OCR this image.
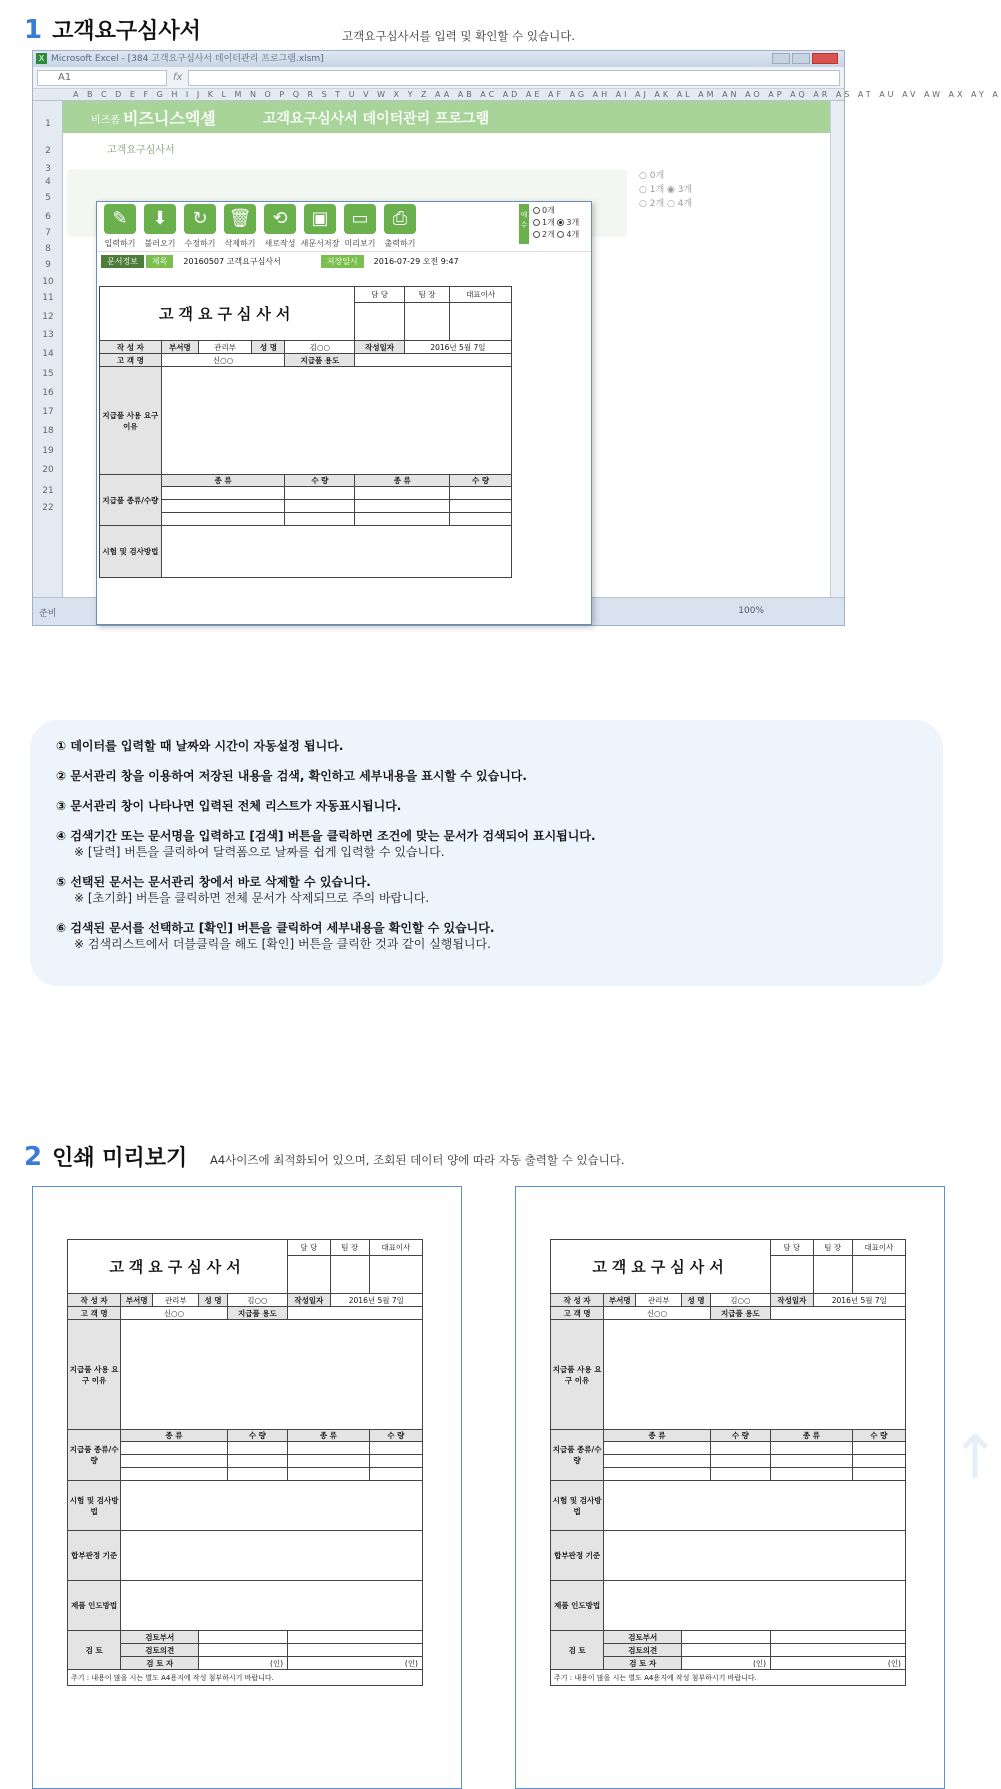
1 고객요구심사서	고객요구심사서를 입력 및 확인할 수 있습니다.
X Microsoft Excel - [384 고객요구심사서 데이터관리 프로그램.xlsm]
A1	fx
A B C D E F G H I J K L M N O P Q R S T U V W X Y Z AA AB AC AD AE AF AG AH AI AJ AK AL AM AN AO AP AQ AR AS AT AU AV AW AX AY A
1
2
3
4
5
6
7
8
9
10
11
12
13
14
15
16
17
18
19
20
21
22
비즈폼 비즈니스엑셀	고객요구심사서 데이터관리 프로그램
고객요구심사서
○ 0개
○ 1개 ◉ 3개
○ 2개 ○ 4개
준비	100%
매수
0개
1개 3개
2개 4개
✎
입력하기
⬇
불러오기
↻
수정하기
🗑
삭제하기
⟲
새로작성
▣
새문서저장
▭
미리보기
⎙
출력하기
문서정보	제목	20160507 고객요구심사서	저장일시	2016-07-29 오전 9:47
고객요구심사서					담 당	팀 장	대표이사

작 성 자	부서명	관리부	성 명	김○○	작성일자	2016년 5월 7일	
고 객 명	신○○			지급품 용도			
지급품 사용 요구 이유							
지급품 종류/수량	종 류			수 량	종 류		수 량

시험 및 검사방법							
① 데이터를 입력할 때 날짜와 시간이 자동설정 됩니다.
② 문서관리 창을 이용하여 저장된 내용을 검색, 확인하고 세부내용을 표시할 수 있습니다.
③ 문서관리 창이 나타나면 입력된 전체 리스트가 자동표시됩니다.
④ 검색기간 또는 문서명을 입력하고 [검색] 버튼을 클릭하면 조건에 맞는 문서가 검색되어 표시됩니다.
※ [달력] 버튼을 클릭하여 달력폼으로 날짜를 쉽게 입력할 수 있습니다.
⑤ 선택된 문서는 문서관리 창에서 바로 삭제할 수 있습니다.
※ [초기화] 버튼을 클릭하면 전체 문서가 삭제되므로 주의 바랍니다.
⑥ 검색된 문서를 선택하고 [확인] 버튼을 클릭하여 세부내용을 확인할 수 있습니다.
※ 검색리스트에서 더블클릭을 해도 [확인] 버튼을 클릭한 것과 같이 실행됩니다.
2 인쇄 미리보기 A4사이즈에 최적화되어 있으며, 조회된 데이터 양에 따라 자동 출력할 수 있습니다.
고객요구심사서					담 당	팀 장	대표이사

작 성 자	부서명	관리부	성 명	김○○	작성일자	2016년 5월 7일	
고 객 명	신○○			지급품 용도			
지급품 사용 요구 이유							
지급품 종류/수량	종 류			수 량	종 류		수 량

시험 및 검사방법							
합부판정 기준							
제품 인도방법							
검 토	검토부서						
	검토의견						
	검 토 자		(인)		(인)		
주기 : 내용이 많을 시는 별도 A4용지에 작성 첨부하시기 바랍니다.							
고객요구심사서					담 당	팀 장	대표이사

작 성 자	부서명	관리부	성 명	김○○	작성일자	2016년 5월 7일	
고 객 명	신○○			지급품 용도			
지급품 사용 요구 이유							
지급품 종류/수량	종 류			수 량	종 류		수 량

시험 및 검사방법							
합부판정 기준							
제품 인도방법							
검 토	검토부서						
	검토의견						
	검 토 자		(인)		(인)		
주기 : 내용이 많을 시는 별도 A4용지에 작성 첨부하시기 바랍니다.							
↑
